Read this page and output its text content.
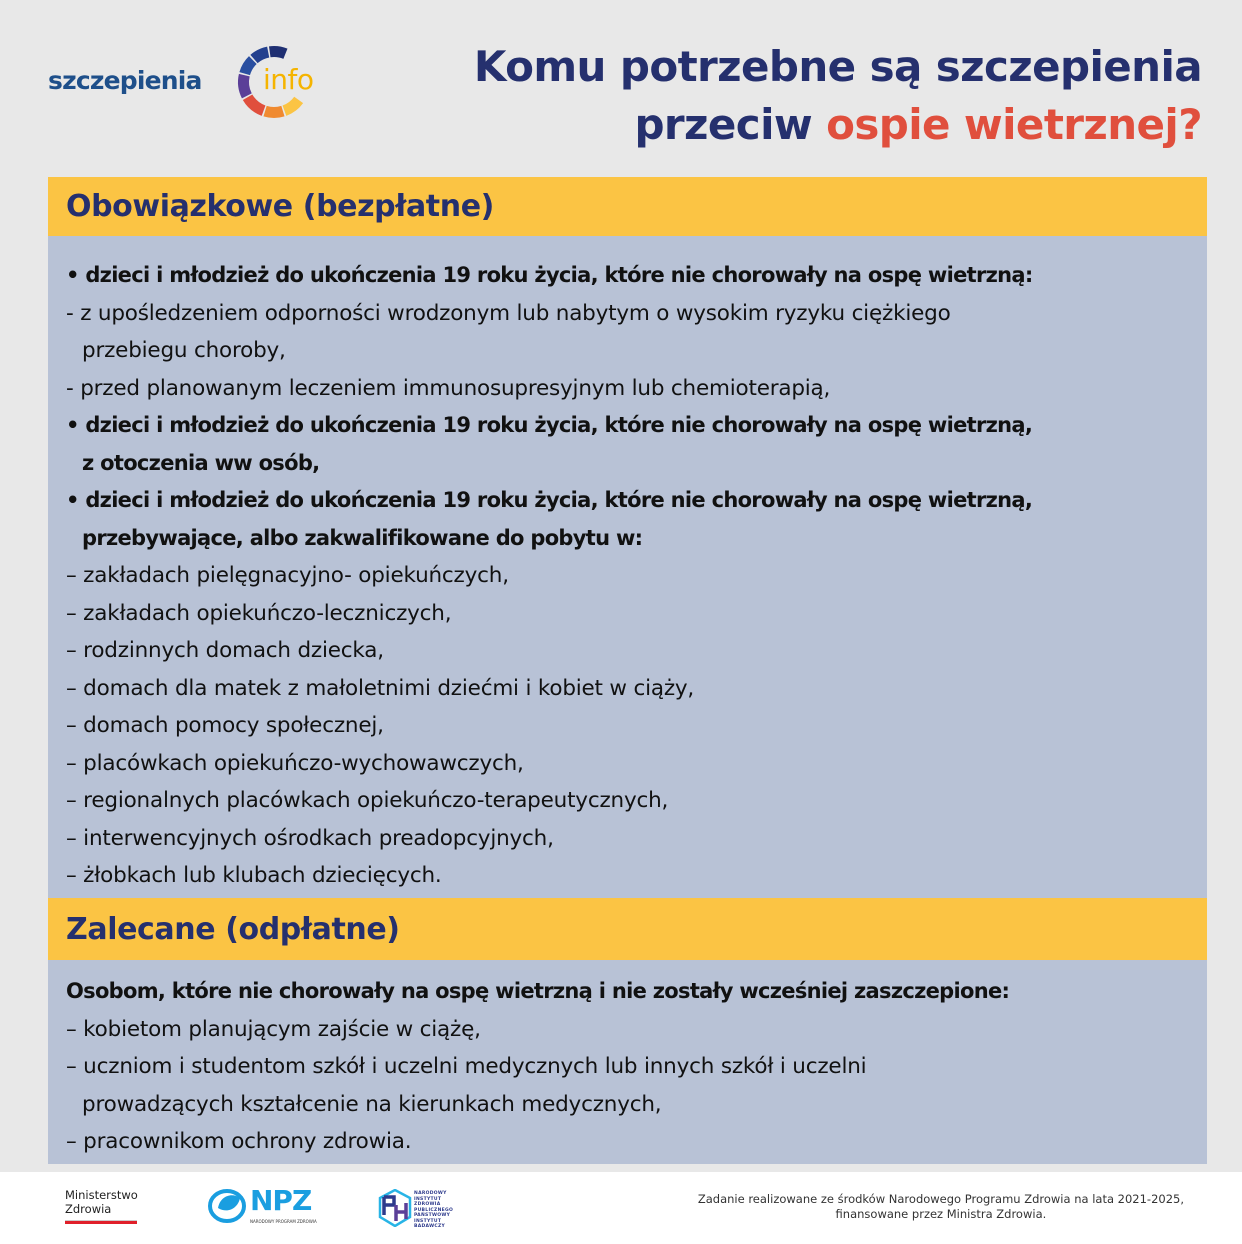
szczepienia info	Komu potrzebne są szczepienia
przeciw ospie wietrznej?
Obowiązkowe (bezpłatne)
• dzieci i młodzież do ukończenia 19 roku życia, które nie chorowały na ospę wietrzną:
- z upośledzeniem odporności wrodzonym lub nabytym o wysokim ryzyku ciężkiego
przebiegu choroby,
- przed planowanym leczeniem immunosupresyjnym lub chemioterapią,
• dzieci i młodzież do ukończenia 19 roku życia, które nie chorowały na ospę wietrzną,
z otoczenia ww osób,
• dzieci i młodzież do ukończenia 19 roku życia, które nie chorowały na ospę wietrzną,
przebywające, albo zakwalifikowane do pobytu w:
– zakładach pielęgnacyjno- opiekuńczych,
– zakładach opiekuńczo-leczniczych,
– rodzinnych domach dziecka,
– domach dla matek z małoletnimi dziećmi i kobiet w ciąży,
– domach pomocy społecznej,
– placówkach opiekuńczo-wychowawczych,
– regionalnych placówkach opiekuńczo-terapeutycznych,
– interwencyjnych ośrodkach preadopcyjnych,
– żłobkach lub klubach dziecięcych.
Zalecane (odpłatne)
Osobom, które nie chorowały na ospę wietrzną i nie zostały wcześniej zaszczepione:
– kobietom planującym zajście w ciążę,
– uczniom i studentom szkół i uczelni medycznych lub innych szkół i uczelni
prowadzących kształcenie na kierunkach medycznych,
– pracownikom ochrony zdrowia.
Ministerstwo
Zdrowia	NPZ
NARODOWY PROGRAM ZDROWIA
NARODOWY
INSTYTUT
ZDROWIA
PUBLICZNEGO
PAŃSTWOWY INSTYTUT
BADAWCZY
Zadanie realizowane ze środków Narodowego Programu Zdrowia na lata 2021-2025,
finansowane przez Ministra Zdrowia.
